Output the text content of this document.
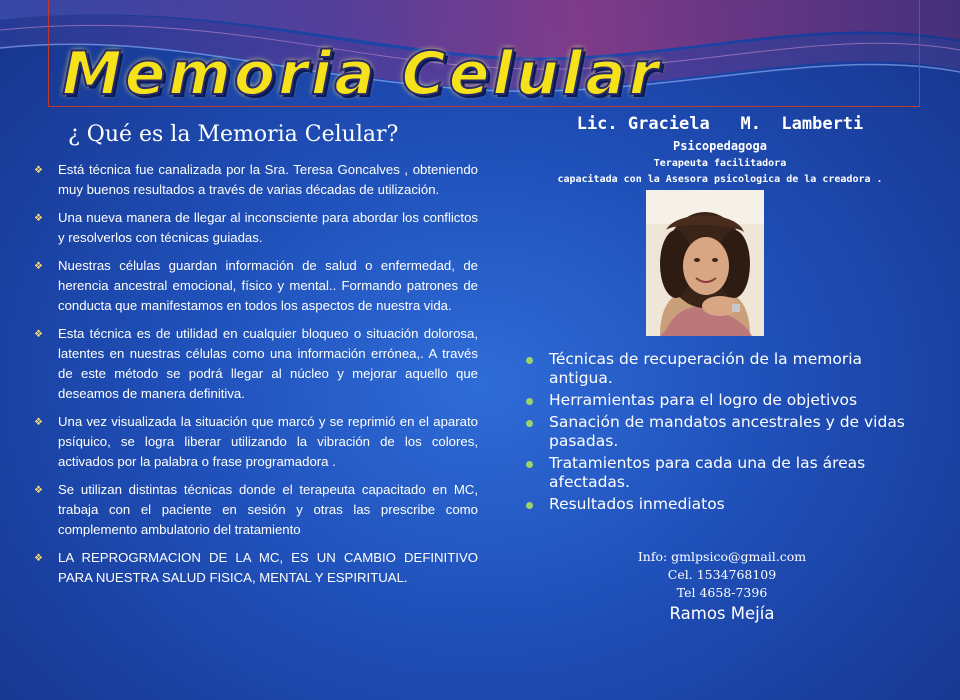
Memoria Celular
¿ Qué es la Memoria Celular?
❖ Está técnica fue canalizada por la Sra. Teresa Goncalves , obteniendo muy buenos resultados a través de varias décadas de utilización.
❖ Una nueva manera de llegar al inconsciente para abordar los conflictos y resolverlos con técnicas guiadas.
❖ Nuestras células guardan información de salud o enfermedad, de herencia ancestral emocional, físico y mental.. Formando patrones de conducta que manifestamos en todos los aspectos de nuestra vida.
❖ Esta técnica es de utilidad en cualquier bloqueo o situación dolorosa, latentes en nuestras células como una información errónea,. A través de este método se podrá llegar al núcleo y mejorar aquello que deseamos de manera definitiva.
❖ Una vez visualizada la situación que marcó y se reprimió en el aparato psíquico, se logra liberar utilizando la vibración de los colores, activados por la palabra o frase programadora .
❖ Se utilizan distintas técnicas donde el terapeuta capacitado en MC, trabaja con el paciente en sesión y otras las prescribe como complemento ambulatorio del tratamiento
❖ LA REPROGRMACION DE LA MC, ES UN CAMBIO DEFINITIVO PARA NUESTRA SALUD FISICA, MENTAL Y ESPIRITUAL.
Lic. Graciela   M.  Lamberti
Psicopedagoga
Terapeuta facilitadora
capacitada con la Asesora psicologica de la creadora .
Técnicas de recuperación de la memoria antigua.
Herramientas para el logro de objetivos
Sanación de mandatos ancestrales y de vidas pasadas.
Tratamientos para cada una de las áreas afectadas.
Resultados inmediatos
Info: gmlpsico@gmail.com
Cel. 1534768109
Tel 4658-7396
Ramos Mejía
